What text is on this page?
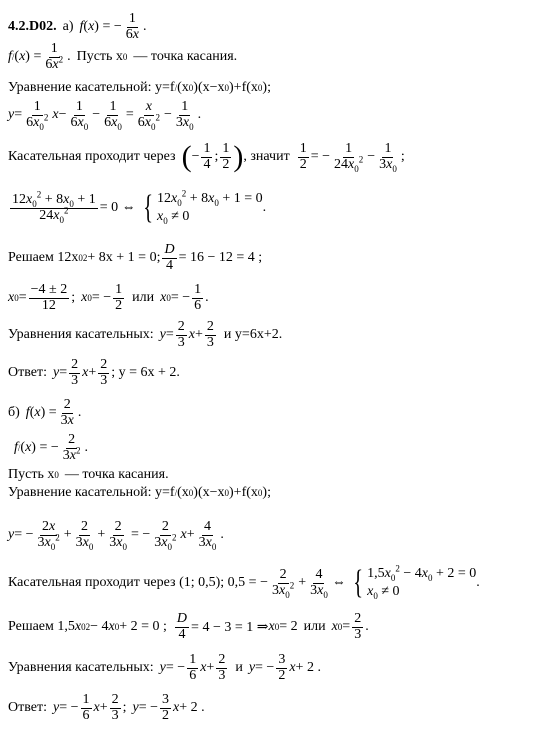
4.2.D02. а) f ( x ) = − $\frac{1}{6x}$ .
f / ( x ) = $\frac{1}{6x^2}$ . Пусть x 0 — точка касания.
Уравнение касательной: y=f / (x 0 )(x−x 0 )+f(x 0 );
$y = \frac{1}{6x_0^2}$ $x - \frac{1}{6x_0} - \frac{1}{6x_0} = \frac{x}{6x_0^2} - \frac{1}{3x_0}$ .
Касательная проходит через ( − $\frac{1}{4}$ ; $\frac{1}{2}$ ) , значит $\frac{1}{2}$ = − $\frac{1}{24x_0^2} - \frac{1}{3x_0}$ ;
$\frac{12x_0^2 + 8x_0 + 1}{24x_0^2} = 0$ ⇔ { $12x_0^2 + 8x_0 + 1 = 0$
$x_0 \ne 0$
.
Решаем 12x 0 2 + 8x + 1 = 0; $\frac{D}{4} = 16 - 12 = 4$ ;
x $0 = \frac{-4 \pm 2}{12}$ ; x 0 = − $\frac{1}{2}$ или x 0 = − $\frac{1}{6}$ .
Уравнения касательных: $y = \frac{2}{3}$ $x + \frac{2}{3}$ и
y=6x+2.
Ответ: $y = \frac{2}{3}$ $x + \frac{2}{3}$ ; y = 6x + 2.
б) f ( x ) = $\frac{2}{3x}$ .
f / ( x ) = − $\frac{2}{3x^2}$ .
Пусть x 0 — точка касания.
Уравнение касательной: y=f / (x 0 )(x−x 0 )+f(x 0 );
y = − $\frac{2x}{3x_0^2} + \frac{2}{3x_0} + \frac{2}{3x_0}$ = − $\frac{2}{3x_0^2}$ $x + \frac{4}{3x_0}$ .
Касательная проходит через
(1; 0,5) ; 0,5 = − $\frac{2}{3x_0^2} + \frac{4}{3x_0}$ ⇔ { $1,5x_0^2 - 4x_0 + 2 = 0$
$x_0 \ne 0$
.
Решаем 1,5 x 0 2 − 4 x 0 + 2 = 0 ; $\frac{D}{4} = 4 - 3 = 1$ ⇒ x 0 = 2 или x $0 = \frac{2}{3}$ .
Уравнения касательных: y = − $\frac{1}{6}$ $x + \frac{2}{3}$ и y = − $\frac{3}{2}$ x + 2 .
Ответ: y = − $\frac{1}{6}$ $x + \frac{2}{3}$ ; y = − $\frac{3}{2}$ x + 2 .
